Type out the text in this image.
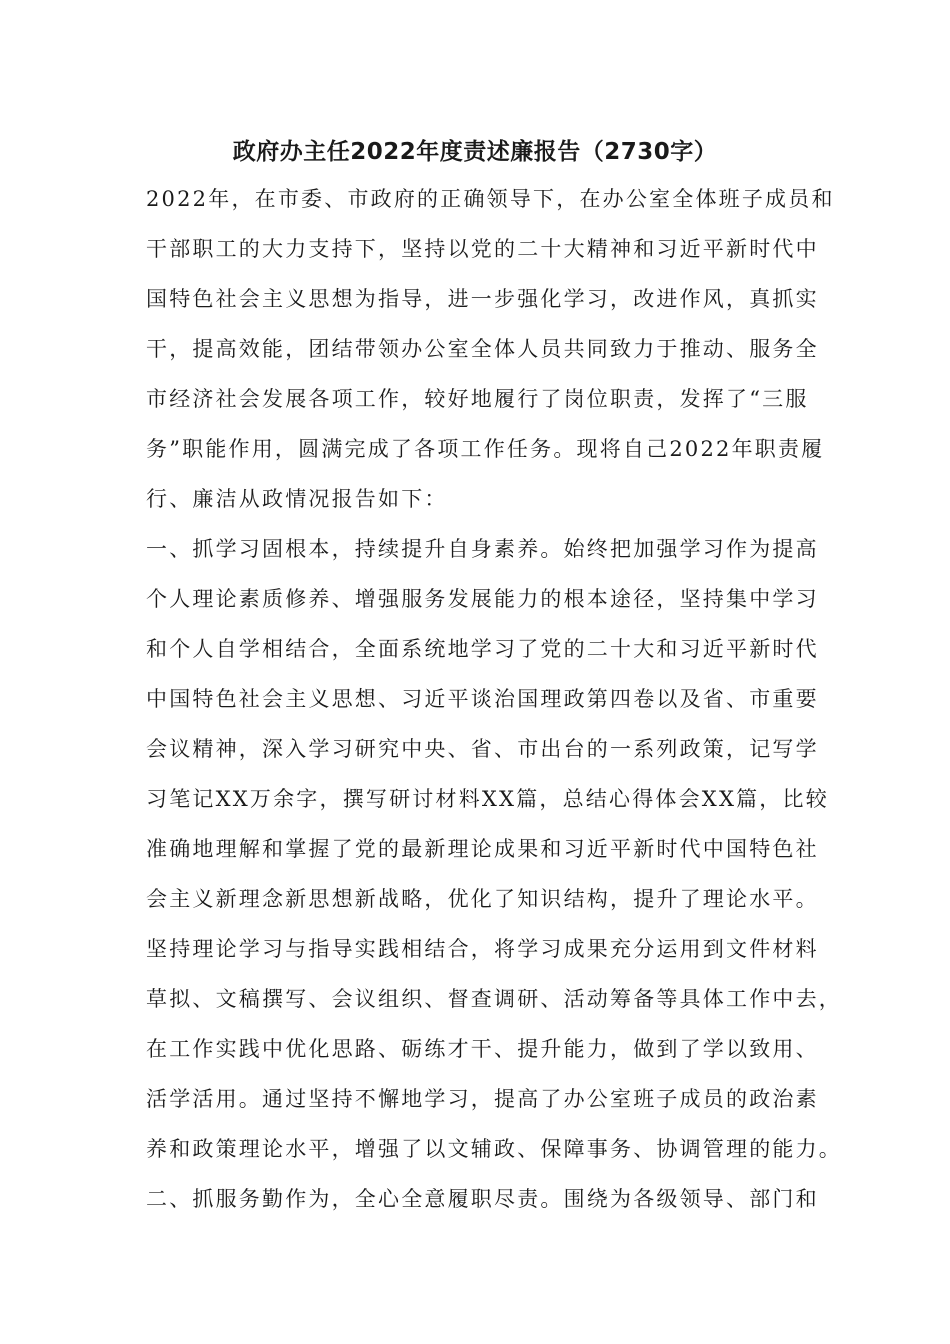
政府办主任2022年度责述廉报告（2730字）
2022年，在市委、市政府的正确领导下，在办公室全体班子成员和
干部职工的大力支持下，坚持以党的二十大精神和习近平新时代中
国特色社会主义思想为指导，进一步强化学习，改进作风，真抓实
干，提高效能，团结带领办公室全体人员共同致力于推动、服务全
市经济社会发展各项工作，较好地履行了岗位职责，发挥了“三服
务”职能作用，圆满完成了各项工作任务。现将自己2022年职责履
行、廉洁从政情况报告如下：
一、抓学习固根本，持续提升自身素养。始终把加强学习作为提高
个人理论素质修养、增强服务发展能力的根本途径，坚持集中学习
和个人自学相结合，全面系统地学习了党的二十大和习近平新时代
中国特色社会主义思想、习近平谈治国理政第四卷以及省、市重要
会议精神，深入学习研究中央、省、市出台的一系列政策，记写学
习笔记XX万余字，撰写研讨材料XX篇，总结心得体会XX篇，比较
准确地理解和掌握了党的最新理论成果和习近平新时代中国特色社
会主义新理念新思想新战略，优化了知识结构，提升了理论水平。
坚持理论学习与指导实践相结合，将学习成果充分运用到文件材料
草拟、文稿撰写、会议组织、督查调研、活动筹备等具体工作中去，
在工作实践中优化思路、砺练才干、提升能力，做到了学以致用、
活学活用。通过坚持不懈地学习，提高了办公室班子成员的政治素
养和政策理论水平，增强了以文辅政、保障事务、协调管理的能力。
二、抓服务勤作为，全心全意履职尽责。围绕为各级领导、部门和
